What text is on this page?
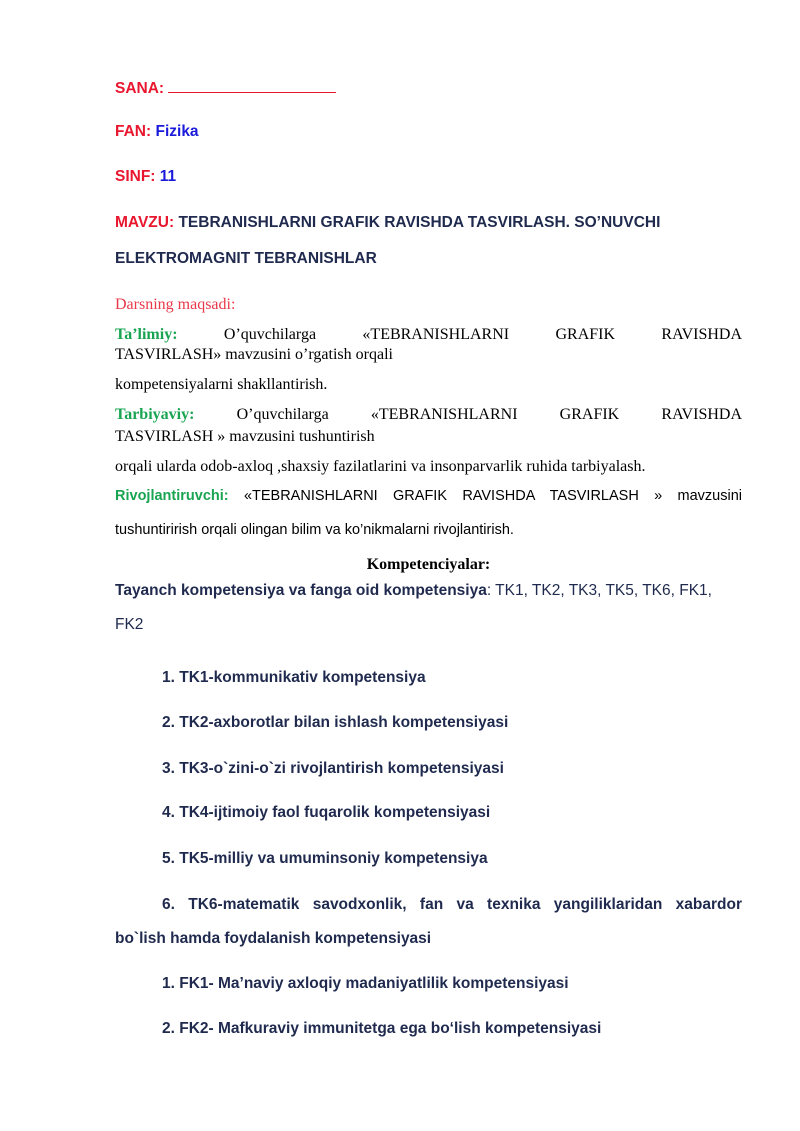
SANA:
FAN: Fizika
SINF: 11
MAVZU: TEBRANISHLARNI GRAFIK RAVISHDA TASVIRLASH. SO’NUVCHI
ELEKTROMAGNIT TEBRANISHLAR
Darsning maqsadi:
Ta’limiy:	O’quvchilarga «TEBRANISHLARNI GRAFIK RAVISHDA
TASVIRLASH» mavzusini o’rgatish orqali
kompetensiyalarni shakllantirish.
Tarbiyaviy:	O’quvchilarga «TEBRANISHLARNI GRAFIK RAVISHDA
TASVIRLASH » mavzusini tushuntirish
orqali ularda odob-axloq ,shaxsiy fazilatlarini va insonparvarlik ruhida tarbiyalash.
Rivojlantiruvchi: «TEBRANISHLARNI GRAFIK RAVISHDA TASVIRLASH » mavzusini
tushuntirirish orqali olingan bilim va ko’nikmalarni rivojlantirish.
Kompetenciyalar:
Tayanch kompetensiya va fanga oid kompetensiya: TK1, TK2, TK3, TK5, TK6, FK1,
FK2
1. TK1-kommunikativ kompetensiya
2. TK2-axborotlar bilan ishlash kompetensiyasi
3. TK3-o`zini-o`zi rivojlantirish kompetensiyasi
4. TK4-ijtimoiy faol fuqarolik kompetensiyasi
5. TK5-milliy va umuminsoniy kompetensiya
6. TK6-matematik savodxonlik, fan va texnika yangiliklaridan xabardor
bo`lish hamda foydalanish kompetensiyasi
1. FK1- Ma’naviy axloqiy madaniyatlilik kompetensiyasi
2. FK2- Mafkuraviy immunitetga ega bo‘lish kompetensiyasi
